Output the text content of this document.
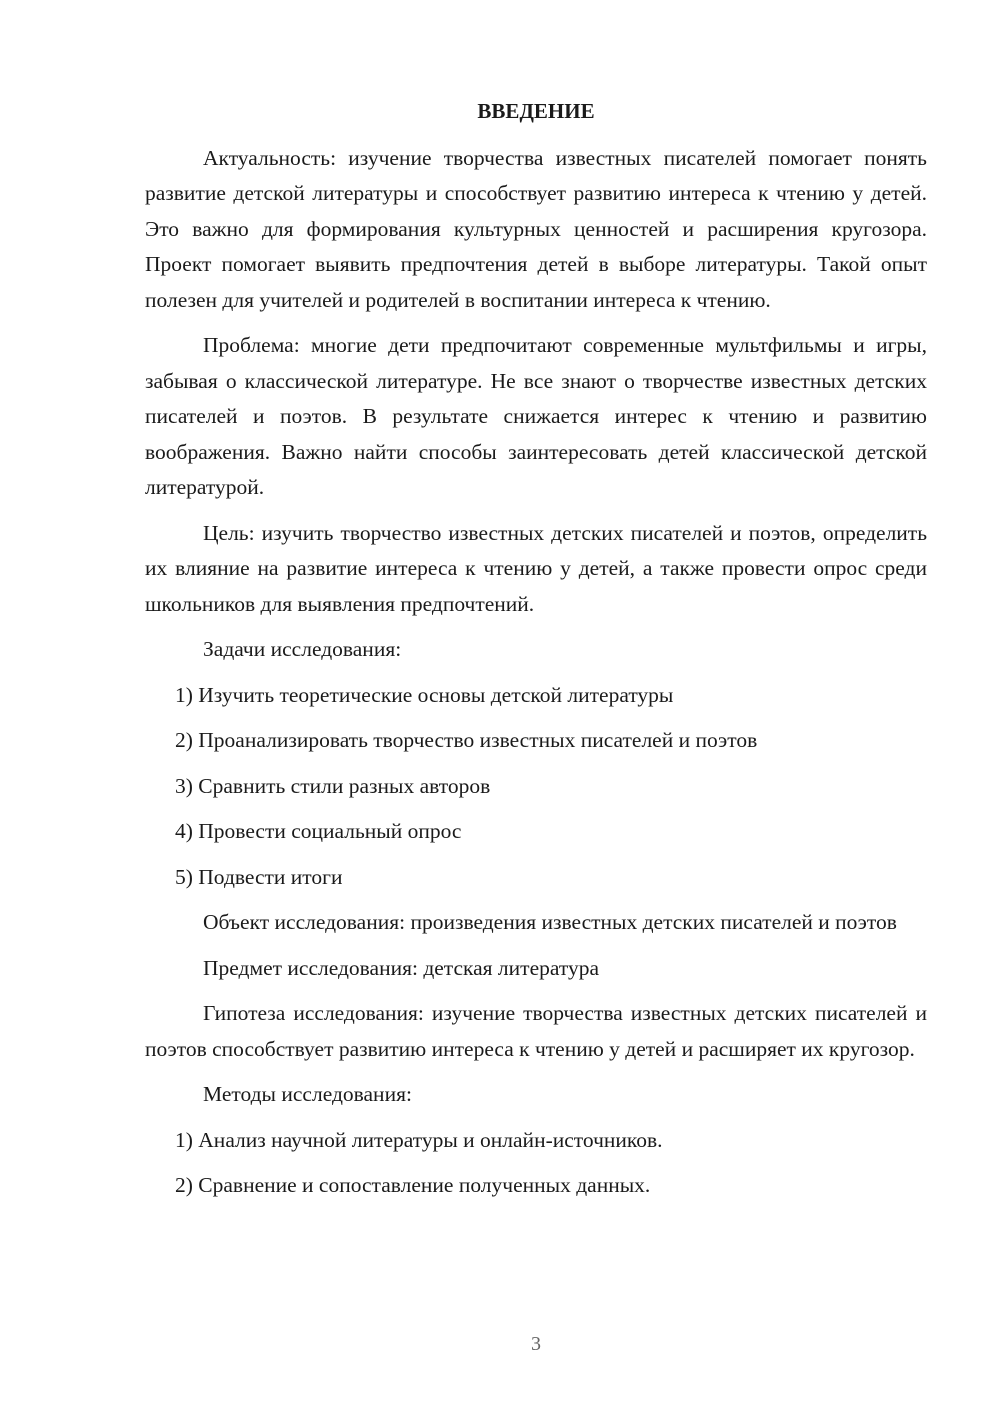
ВВЕДЕНИЕ

Актуальность: изучение творчества известных писателей помогает понять развитие детской литературы и способствует развитию интереса к чтению у детей. Это важно для формирования культурных ценностей и расширения кругозора. Проект помогает выявить предпочтения детей в выборе литературы. Такой опыт полезен для учителей и родителей в воспитании интереса к чтению.

Проблема: многие дети предпочитают современные мультфильмы и игры, забывая о классической литературе. Не все знают о творчестве известных детских писателей и поэтов. В результате снижается интерес к чтению и развитию воображения. Важно найти способы заинтересовать детей классической детской литературой.

Цель: изучить творчество известных детских писателей и поэтов, определить их влияние на развитие интереса к чтению у детей, а также провести опрос среди школьников для выявления предпочтений.

Задачи исследования:

1) Изучить теоретические основы детской литературы
2) Проанализировать творчество известных писателей и поэтов
3) Сравнить стили разных авторов
4) Провести социальный опрос
5) Подвести итоги

Объект исследования: произведения известных детских писателей и поэтов

Предмет исследования: детская литература

Гипотеза исследования: изучение творчества известных детских писателей и поэтов способствует развитию интереса к чтению у детей и расширяет их кругозор.

Методы исследования:

1) Анализ научной литературы и онлайн-источников.
2) Сравнение и сопоставление полученных данных.
3
